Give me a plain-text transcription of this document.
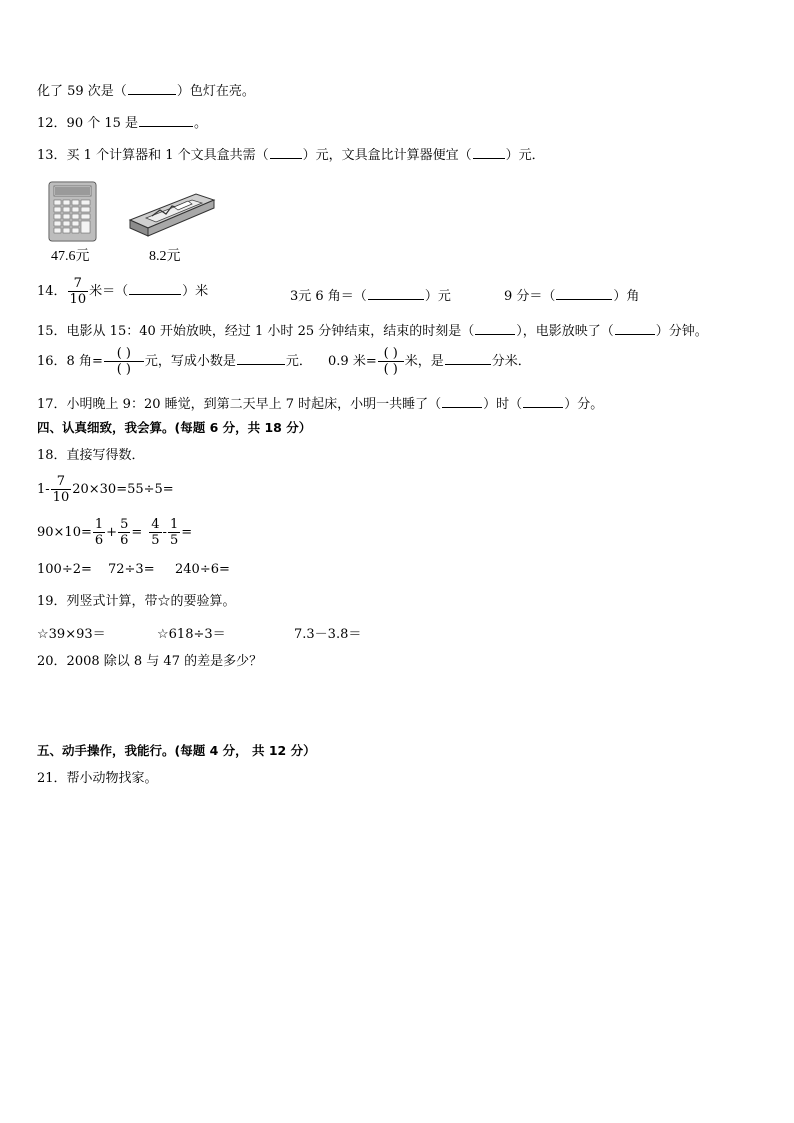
化了 59 次是（	）色灯在亮。
12．90 个 15 是	。
13．买 1 个计算器和 1 个文具盒共需（	）元，文具盒比计算器便宜（	）元．
47.6元	8.2元
14． $\frac{7}{10}$ 米＝（	）米	3元 6 角＝（	）元	9 分＝（	）角
15．电影从 15：40 开始放映，经过 1 小时 25 分钟结束，结束的时刻是（	），电影放映了（	）分钟。
16．8 角= $\frac{( )}{( )}$ 元，写成小数是	元． 0.9 米= $\frac{( )}{( )}$ 米，是	分米．
17．小明晚上 9：20 睡觉，到第二天早上 7 时起床，小明一共睡了（	）时（	）分。
四、认真细致，我会算。(每题 6 分，共 18 分）
18．直接写得数．
$1- \frac{7}{10} 20\times 30=55\div 5=$
$90\times 10= \frac{1}{6} + \frac{5}{6} = \frac{4}{5} - \frac{1}{5}$ =
100÷2= 72÷3= 240÷6=
19．列竖式计算，带☆的要验算。
☆39×93＝	☆618÷3＝	7.3－3.8＝
20．2008 除以 8 与 47 的差是多少？
五、动手操作，我能行。(每题 4 分， 共 12 分）
21．帮小动物找家。
